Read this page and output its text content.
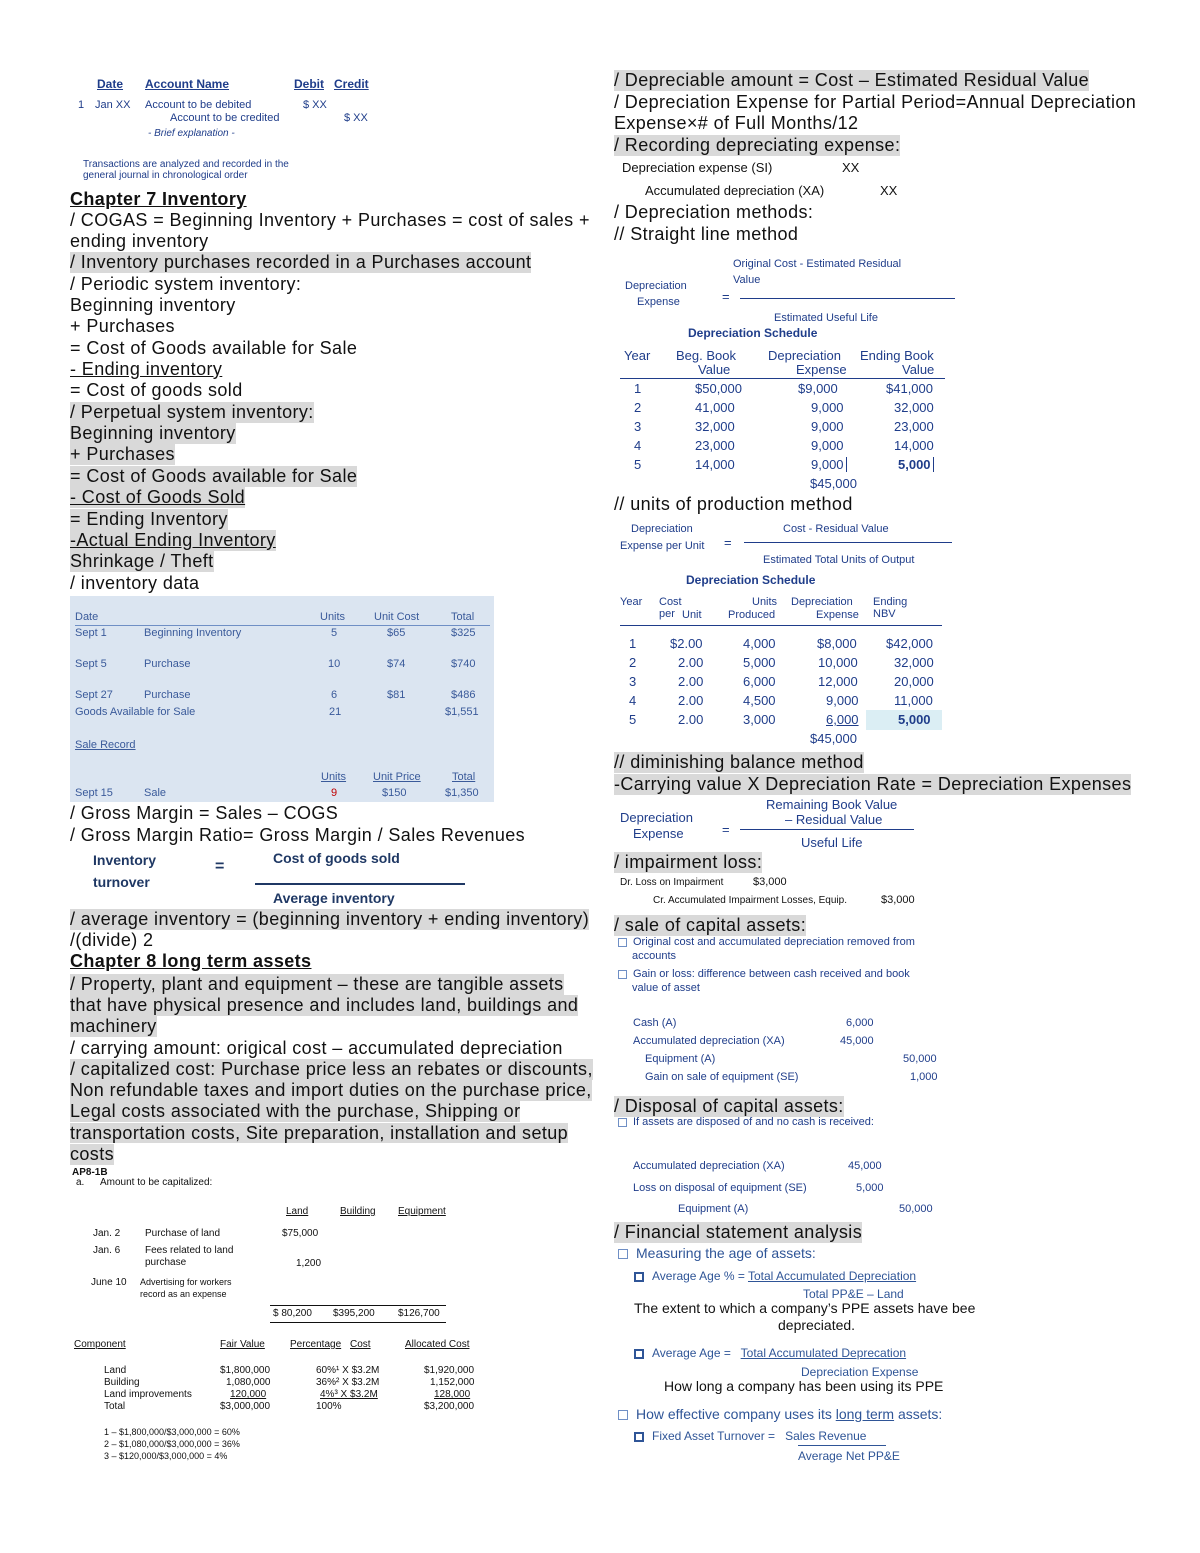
Date Account Name	Debit Credit
1 Jan XX Account to be debited	$ XX
Account to be credited	$ XX
- Brief explanation -
Transactions are analyzed and recorded in the
general journal in chronological order
Chapter 7 Inventory
/ COGAS = Beginning Inventory + Purchases = cost of sales +
ending inventory
/ Inventory purchases recorded in a Purchases account
/ Periodic system inventory:
Beginning inventory
+ Purchases
= Cost of Goods available for Sale
- Ending inventory
= Cost of goods sold
/ Perpetual system inventory:
Beginning inventory
+ Purchases
= Cost of Goods available for Sale
- Cost of Goods Sold
= Ending Inventory
-Actual Ending Inventory
Shrinkage / Theft
/ inventory data
Date	Units	Unit Cost	Total
Sept 1	Beginning Inventory	5	$65	$325
Sept 5	Purchase	10	$74	$740
Sept 27	Purchase	6	$81	$486
Goods Available for Sale	21	$1,551
Sale Record
Units Unit Price	Total
Sept 15	Sale	9	$150	$1,350
/ Gross Margin = Sales – COGS
/ Gross Margin Ratio= Gross Margin / Sales Revenues
Inventory
turnover
=	Cost of goods sold
Average inventory
/ average inventory = (beginning inventory + ending inventory)
/(divide) 2
Chapter 8 long term assets
/ Property, plant and equipment – these are tangible assets
that have physical presence and includes land, buildings and
machinery
/ carrying amount: origical cost – accumulated depreciation
/ capitalized cost: Purchase price less an rebates or discounts,
Non refundable taxes and import duties on the purchase price,
Legal costs associated with the purchase, Shipping or
transportation costs, Site preparation, installation and setup
costs
AP8-1B
a. Amount to be capitalized:
Land	Building Equipment
Jan. 2 Purchase of land	$75,000
Jan. 6 Fees related to land
purchase	1,200
June 10 Advertising for workers
record as an expense
$ 80,200 $395,200 $126,700
Component	Fair Value	Percentage Cost	Allocated Cost
Land	$1,800,000	60%¹ X $3.2M	$1,920,000
Building	1,080,000	36%² X $3.2M	1,152,000
Land improvements	120,000	4%³ X $3.2M	128,000
Total	$3,000,000	100%	$3,200,000
1 – $1,800,000/$3,000,000 = 60%
2 – $1,080,000/$3,000,000 = 36%
3 – $120,000/$3,000,000 = 4%
/ Depreciable amount = Cost – Estimated Residual Value
/ Depreciation Expense for Partial Period=Annual Depreciation
Expense×# of Full Months/12
/ Recording depreciating expense:
Depreciation expense (SI)	XX
Accumulated depreciation (XA)	XX
/ Depreciation methods:
// Straight line method
Depreciation
Expense	=
Original Cost - Estimated Residual
Value
Estimated Useful Life
Depreciation Schedule
Year Beg. Book
Value
Depreciation
Expense
Ending Book
Value
1	$50,000	$9,000	$41,000
2	41,000	9,000	32,000
3	32,000	9,000	23,000
4	23,000	9,000	14,000
5	14,000	9,000	5,000
$45,000
// units of production method
Depreciation
Expense per Unit =
Cost - Residual Value
Estimated Total Units of Output
Depreciation Schedule
Year Cost per Unit
Units
Produced
Depreciation
Expense
Ending NBV
1	$2.00	4,000	$8,000 $42,000
2	2.00	5,000	10,000	32,000
3	2.00	6,000	12,000	20,000
4	2.00	4,500	9,000	11,000
5	2.00	3,000	6,000	5,000
$45,000
// diminishing balance method
-Carrying value X Depreciation Rate = Depreciation Expenses
Depreciation
Expense	=
Remaining Book Value
– Residual Value
Useful Life
/ impairment loss:
Dr. Loss on Impairment	$3,000
Cr. Accumulated Impairment Losses, Equip.	$3,000
/ sale of capital assets:
Original cost and accumulated depreciation removed from
accounts
Gain or loss: difference between cash received and book
value of asset
Cash (A)	6,000
Accumulated depreciation (XA)	45,000
Equipment (A)	50,000
Gain on sale of equipment (SE)	1,000
/ Disposal of capital assets:
If assets are disposed of and no cash is received:
Accumulated depreciation (XA)	45,000
Loss on disposal of equipment (SE)	5,000
Equipment (A)	50,000
/ Financial statement analysis
Measuring the age of assets:
Average Age % = Total Accumulated Depreciation
Total PP&E – Land
The extent to which a company’s PPE assets have bee
depreciated.
Average Age = Total Accumulated Deprecation
Depreciation Expense
How long a company has been using its PPE
How effective company uses its long term assets:
Fixed Asset Turnover = Sales Revenue
Average Net PP&E
